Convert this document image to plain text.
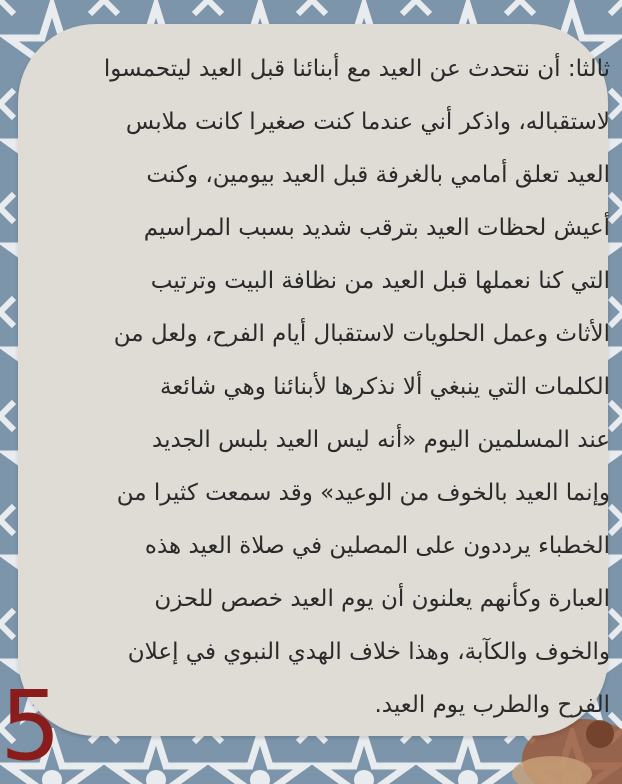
ثالثا: أن نتحدث عن العيد مع أبنائنا قبل العيد ليتحمسوا
لاستقباله، واذكر أني عندما كنت صغيرا كانت ملابس
العيد تعلق أمامي بالغرفة قبل العيد بيومين، وكنت
أعيش لحظات العيد بترقب شديد بسبب المراسيم
التي كنا نعملها قبل العيد من نظافة البيت وترتيب
الأثاث وعمل الحلويات لاستقبال أيام الفرح، ولعل من
الكلمات التي ينبغي ألا نذكرها لأبنائنا وهي شائعة
عند المسلمين اليوم «أنه ليس العيد بلبس الجديد
وإنما العيد بالخوف من الوعيد» وقد سمعت كثيرا من
الخطباء يرددون على المصلين في صلاة العيد هذه
العبارة وكأنهم يعلنون أن يوم العيد خصص للحزن
والخوف والكآبة، وهذا خلاف الهدي النبوي في إعلان
الفرح والطرب يوم العيد.
5
